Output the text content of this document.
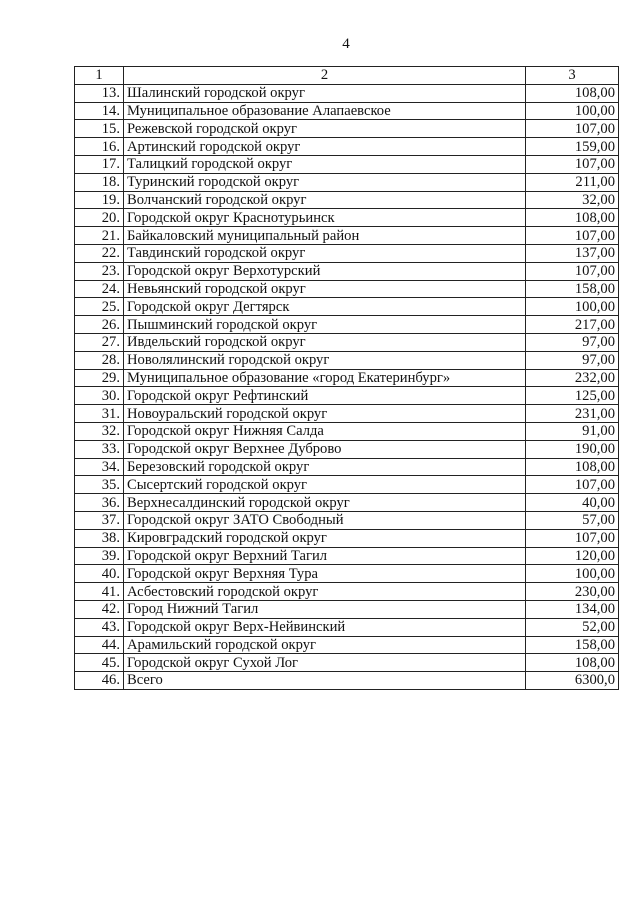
4
1	2	3
13.	Шалинский городской округ	108,00
14.	Муниципальное образование Алапаевское	100,00
15.	Режевской городской округ	107,00
16.	Артинский городской округ	159,00
17.	Талицкий городской округ	107,00
18.	Туринский городской округ	211,00
19.	Волчанский городской округ	32,00
20.	Городской округ Краснотурьинск	108,00
21.	Байкаловский муниципальный район	107,00
22.	Тавдинский городской округ	137,00
23.	Городской округ Верхотурский	107,00
24.	Невьянский городской округ	158,00
25.	Городской округ Дегтярск	100,00
26.	Пышминский городской округ	217,00
27.	Ивдельский городской округ	97,00
28.	Новолялинский городской округ	97,00
29.	Муниципальное образование «город Екатеринбург»	232,00
30.	Городской округ Рефтинский	125,00
31.	Новоуральский городской округ	231,00
32.	Городской округ Нижняя Салда	91,00
33.	Городской округ Верхнее Дуброво	190,00
34.	Березовский городской округ	108,00
35.	Сысертский городской округ	107,00
36.	Верхнесалдинский городской округ	40,00
37.	Городской округ ЗАТО Свободный	57,00
38.	Кировградский городской округ	107,00
39.	Городской округ Верхний Тагил	120,00
40.	Городской округ Верхняя Тура	100,00
41.	Асбестовский городской округ	230,00
42.	Город Нижний Тагил	134,00
43.	Городской округ Верх-Нейвинский	52,00
44.	Арамильский городской округ	158,00
45.	Городской округ Сухой Лог	108,00
46.	Всего	6300,0
